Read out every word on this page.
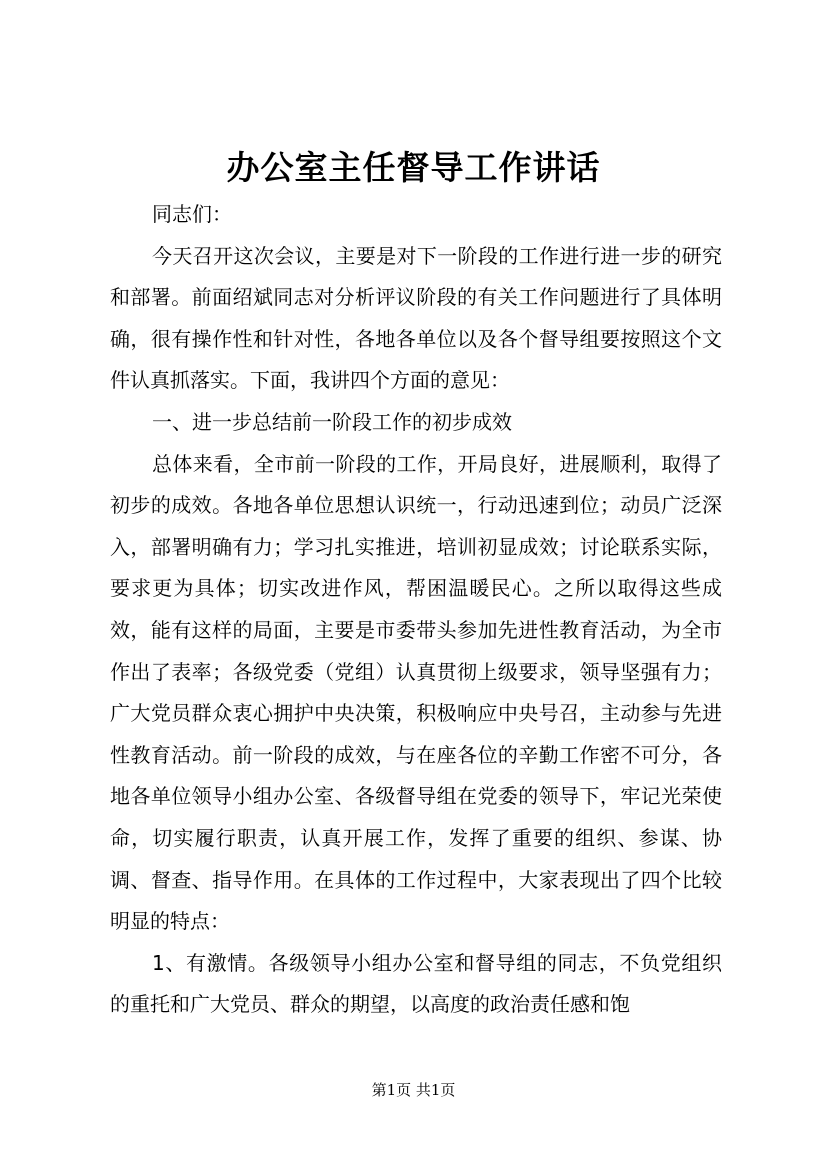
办公室主任督导工作讲话

同志们：

今天召开这次会议，主要是对下一阶段的工作进行进一步的研究和部署。前面绍斌同志对分析评议阶段的有关工作问题进行了具体明确，很有操作性和针对性，各地各单位以及各个督导组要按照这个文件认真抓落实。下面，我讲四个方面的意见：

一、进一步总结前一阶段工作的初步成效

总体来看，全市前一阶段的工作，开局良好，进展顺利，取得了初步的成效。各地各单位思想认识统一，行动迅速到位；动员广泛深入，部署明确有力；学习扎实推进，培训初显成效；讨论联系实际，要求更为具体；切实改进作风，帮困温暖民心。之所以取得这些成效，能有这样的局面，主要是市委带头参加先进性教育活动，为全市作出了表率；各级党委（党组）认真贯彻上级要求，领导坚强有力；广大党员群众衷心拥护中央决策，积极响应中央号召，主动参与先进性教育活动。前一阶段的成效，与在座各位的辛勤工作密不可分，各地各单位领导小组办公室、各级督导组在党委的领导下，牢记光荣使命，切实履行职责，认真开展工作，发挥了重要的组织、参谋、协调、督查、指导作用。在具体的工作过程中，大家表现出了四个比较明显的特点：

1、有激情。各级领导小组办公室和督导组的同志，不负党组织的重托和广大党员、群众的期望，以高度的政治责任感和饱

第1页 共1页
